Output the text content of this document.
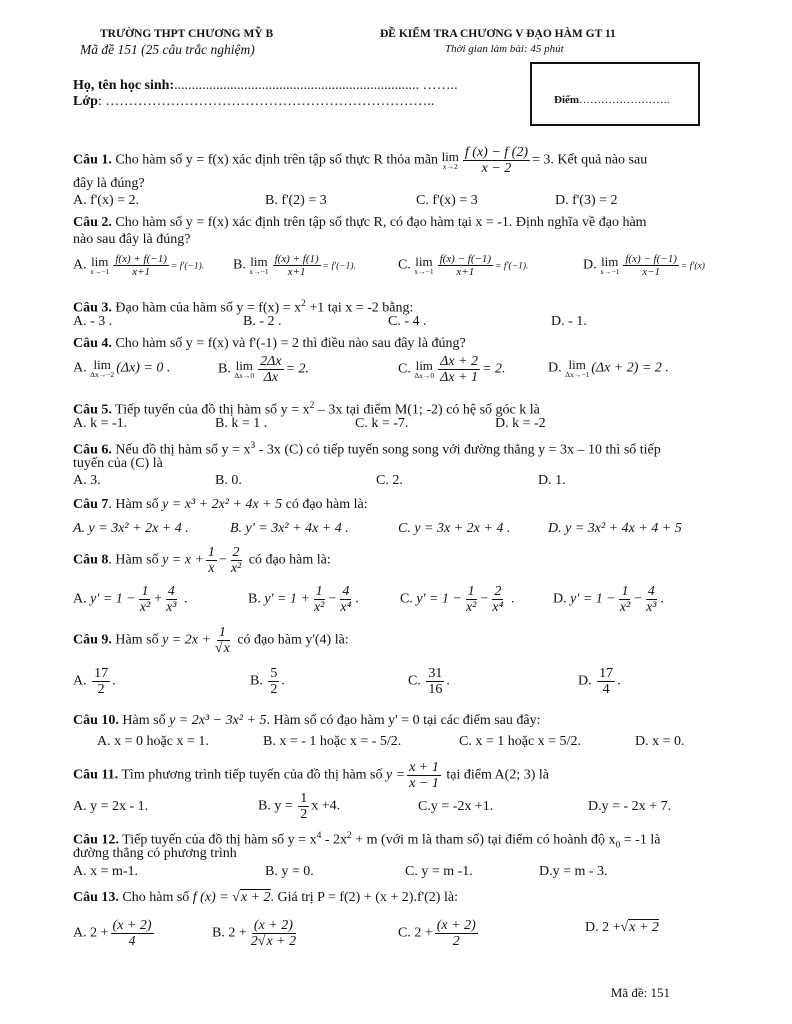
TRƯỜNG THPT CHƯƠNG MỸ B
Mã đề 151 (25 câu trắc nghiệm)
ĐỀ KIỂM TRA CHƯƠNG V ĐẠO HÀM GT 11
Thời gian làm bài: 45 phút
Họ, tên học sinh:...................................................................... ……..
Lớp: ……………………………………………………………..	Điểm…………………….
Câu 1. Cho hàm số y = f(x) xác định trên tập số thực R thỏa mãn lim
$x\to 2 \frac{f (x) - f (2)}{x - 2} = 3$. Kết quả nào sau
đây là đúng?
A. f'(x) = 2.	B. f'(2) = 3	C. f'(x) = 3	D. f'(3) = 2
Câu 2. Cho hàm số y = f(x) xác định trên tập số thực R, có đạo hàm tại x = -1. Định nghĩa về đạo hàm
nào sau đây là đúng?
A. lim
$x\to-1 \frac{f(x) + f(-1)}{x+1} = f'(-1)$. B. lim
$x\to-1 \frac{f(x) + f(1)}{x+1} = f'(-1)$.	C. lim
$x\to-1 \frac{f(x) - f(-1)}{x+1} = f'(-1)$.	D. lim
$x\to-1 \frac{f(x) - f(-1)}{x-1} = f'(x)$
Câu 3. Đạo hàm của hàm số $y = f(x) = x^2 +1$ tại x = -2 bằng:
A. - 3 .	B. - 2 .	C. - 4 .	D. - 1.
Câu 4. Cho hàm số y = f(x) và f'(-1) = 2 thì điều nào sau đây là đúng?
A. lim
Δx→−2 (Δx) = 0 .	B. lim
$\Delta x\to 0 \frac{2\Delta x}{\Delta x} = 2$.	C. lim
$\Delta x\to 0 \frac{\Delta x + 2}{\Delta x + 1} = 2$.	D. lim
Δx→−1 (Δx + 2) = 2 .
Câu 5. Tiếp tuyến của đồ thị hàm số $y = x^2 - 3x$ tại điểm M(1; -2) có hệ số góc k là
A. k = -1.	B. k = 1 .	C. k = -7.	D. k = -2
Câu 6. Nếu đồ thị hàm số $y = x^3 - 3x$ (C) có tiếp tuyến song song với đường thẳng y = 3x – 10 thì số tiếp
tuyến của (C) là
A. 3.	B. 0.	C. 2.	D. 1.
Câu 7. Hàm số y = x³ + 2x² + 4x + 5 có đạo hàm là:
A. y = 3x² + 2x + 4 .	B. y' = 3x² + 4x + 4 .	C. y = 3x + 2x + 4 .	D. y = 3x² + 4x + 4 + 5
Câu 8. Hàm số $y = x + \frac{1}{x} - \frac{2}{\text{x²}}$ có đạo hàm là:
A. $y' = 1 - \frac{1}{\text{x²}} + \frac{4}{\text{x³}}$ .	B. $y' = 1 + \frac{1}{\text{x²}} - \frac{4}{\text{x⁴}}$ .	C. $y' = 1 - \frac{1}{\text{x²}} - \frac{2}{\text{x⁴}}$ .	D. $y' = 1 - \frac{1}{\text{x²}} - \frac{4}{\text{x³}}$ .
Câu 9. Hàm số $y = 2x + \frac{1}{√x}$ có đạo hàm y'(4) là:
A. $\frac{17}{2}$ .	B. $\frac{5}{2}$ .	C. $\frac{31}{16}$ .	D. $\frac{17}{4}$ .
Câu 10. Hàm số y = 2x³ − 3x² + 5. Hàm số có đạo hàm y' = 0 tại các điểm sau đây:
A. x = 0 hoặc x = 1.	B. x = - 1 hoặc x = - 5/2.	C. x = 1 hoặc x = 5/2.	D. x = 0.
Câu 11. Tìm phương trình tiếp tuyến của đồ thị hàm số $y = \frac{x + 1}{x - 1}$ tại điểm A(2; 3) là
A. y = 2x - 1.	B. $y = \frac{1}{2}$ x +4.	C.y = -2x +1.	D.y = - 2x + 7.
Câu 12. Tiếp tuyến của đồ thị hàm số $y = x^4 - 2x^2 + m$ (với m là tham số) tại điểm có hoành độ $x_0 = -1$ là
đường thẳng có phương trình
A. x = m-1.	B. y = 0.	C. y = m -1.	D.y = m - 3.
Câu 13. Cho hàm số f (x) = √x + 2. Giá trị P = f(2) + (x + 2).f'(2) là:
A. $2 + \frac{(x + 2)}{4}$	B. $2 + \frac{(x + 2)}{2√x + 2}$	C. $2 + \frac{(x + 2)}{2}$	D. 2 +√x + 2
Mã đề: 151
